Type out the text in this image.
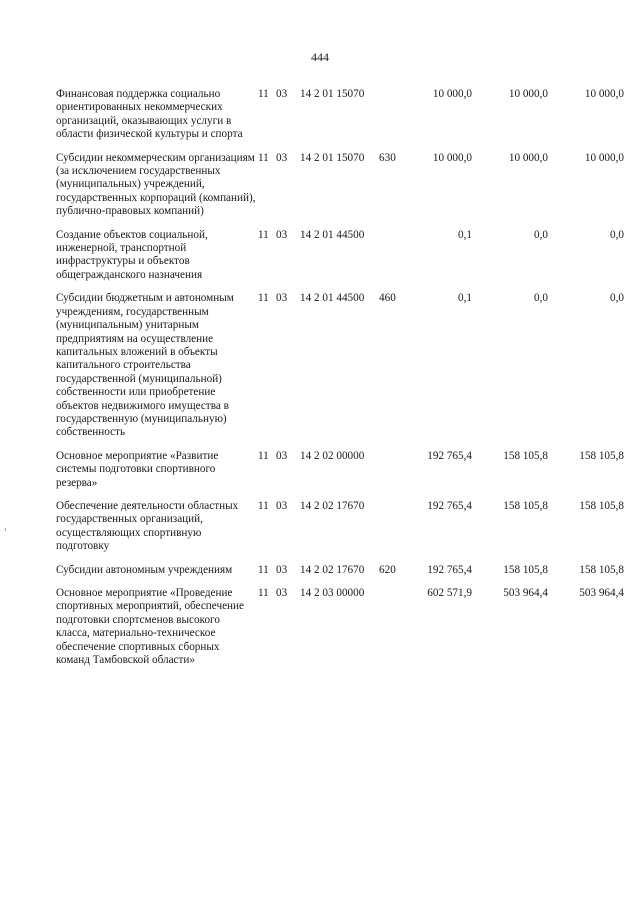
444
‹
Финансовая поддержка социально ориентированных некоммерческих организаций, оказывающих услуги в области физической культуры и спорта
11 03 14 2 01 15070	10 000,0	10 000,0	10 000,0
Субсидии некоммерческим организациям (за исключением государственных (муниципальных) учреждений, государственных корпораций (компаний), публично-правовых компаний)
11 03 14 2 01 15070 630	10 000,0	10 000,0	10 000,0
Создание объектов социальной, инженерной, транспортной инфраструктуры и объектов общегражданского назначения
11 03 14 2 01 44500	0,1	0,0	0,0
Субсидии бюджетным и автономным учреждениям, государственным (муниципальным) унитарным предприятиям на осуществление капитальных вложений в объекты капитального строительства государственной (муниципальной) собственности или приобретение объектов недвижимого имущества в государственную (муниципальную) собственность
11 03 14 2 01 44500 460	0,1	0,0	0,0
Основное мероприятие «Развитие системы подготовки спортивного резерва»
11 03 14 2 02 00000	192 765,4	158 105,8	158 105,8
Обеспечение деятельности областных государственных организаций, осуществляющих спортивную подготовку
11 03 14 2 02 17670	192 765,4	158 105,8	158 105,8
Субсидии автономным учреждениям	11 03 14 2 02 17670 620	192 765,4	158 105,8	158 105,8
Основное мероприятие «Проведение спортивных мероприятий, обеспечение подготовки спортсменов высокого класса, материально-техническое обеспечение спортивных сборных команд Тамбовской области»
11 03 14 2 03 00000	602 571,9	503 964,4	503 964,4
